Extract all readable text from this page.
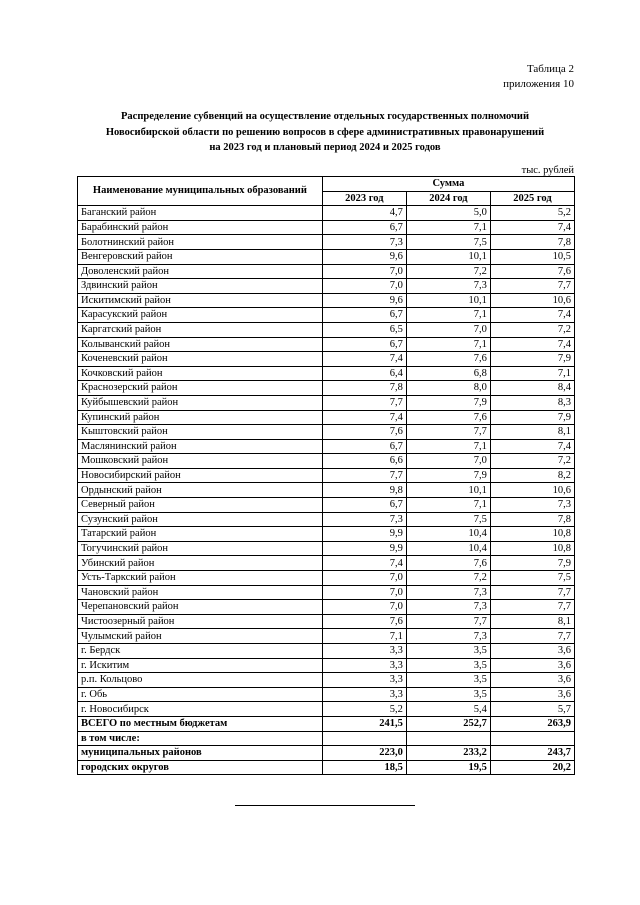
Таблица 2
приложения 10
Распределение субвенций на осуществление отдельных государственных полномочий
Новосибирской области по решению вопросов в сфере административных правонарушений
на 2023 год и плановый период 2024 и 2025 годов
тыс. рублей
Наименование муниципальных образований	Сумма		
	2023 год	2024 год	2025 год
Баганский район	4,7	5,0	5,2
Барабинский район	6,7	7,1	7,4
Болотнинский район	7,3	7,5	7,8
Венгеровский район	9,6	10,1	10,5
Доволенский район	7,0	7,2	7,6
Здвинский район	7,0	7,3	7,7
Искитимский район	9,6	10,1	10,6
Карасукский район	6,7	7,1	7,4
Каргатский район	6,5	7,0	7,2
Колыванский район	6,7	7,1	7,4
Коченевский район	7,4	7,6	7,9
Кочковский район	6,4	6,8	7,1
Краснозерский район	7,8	8,0	8,4
Куйбышевский район	7,7	7,9	8,3
Купинский район	7,4	7,6	7,9
Кыштовский район	7,6	7,7	8,1
Маслянинский район	6,7	7,1	7,4
Мошковский район	6,6	7,0	7,2
Новосибирский район	7,7	7,9	8,2
Ордынский район	9,8	10,1	10,6
Северный район	6,7	7,1	7,3
Сузунский район	7,3	7,5	7,8
Татарский район	9,9	10,4	10,8
Тогучинский район	9,9	10,4	10,8
Убинский район	7,4	7,6	7,9
Усть-Таркский район	7,0	7,2	7,5
Чановский район	7,0	7,3	7,7
Черепановский район	7,0	7,3	7,7
Чистоозерный район	7,6	7,7	8,1
Чулымский район	7,1	7,3	7,7
г. Бердск	3,3	3,5	3,6
г. Искитим	3,3	3,5	3,6
р.п. Кольцово	3,3	3,5	3,6
г. Обь	3,3	3,5	3,6
г. Новосибирск	5,2	5,4	5,7
ВСЕГО по местным бюджетам	241,5	252,7	263,9
в том числе:			
муниципальных районов	223,0	233,2	243,7
городских округов	18,5	19,5	20,2
